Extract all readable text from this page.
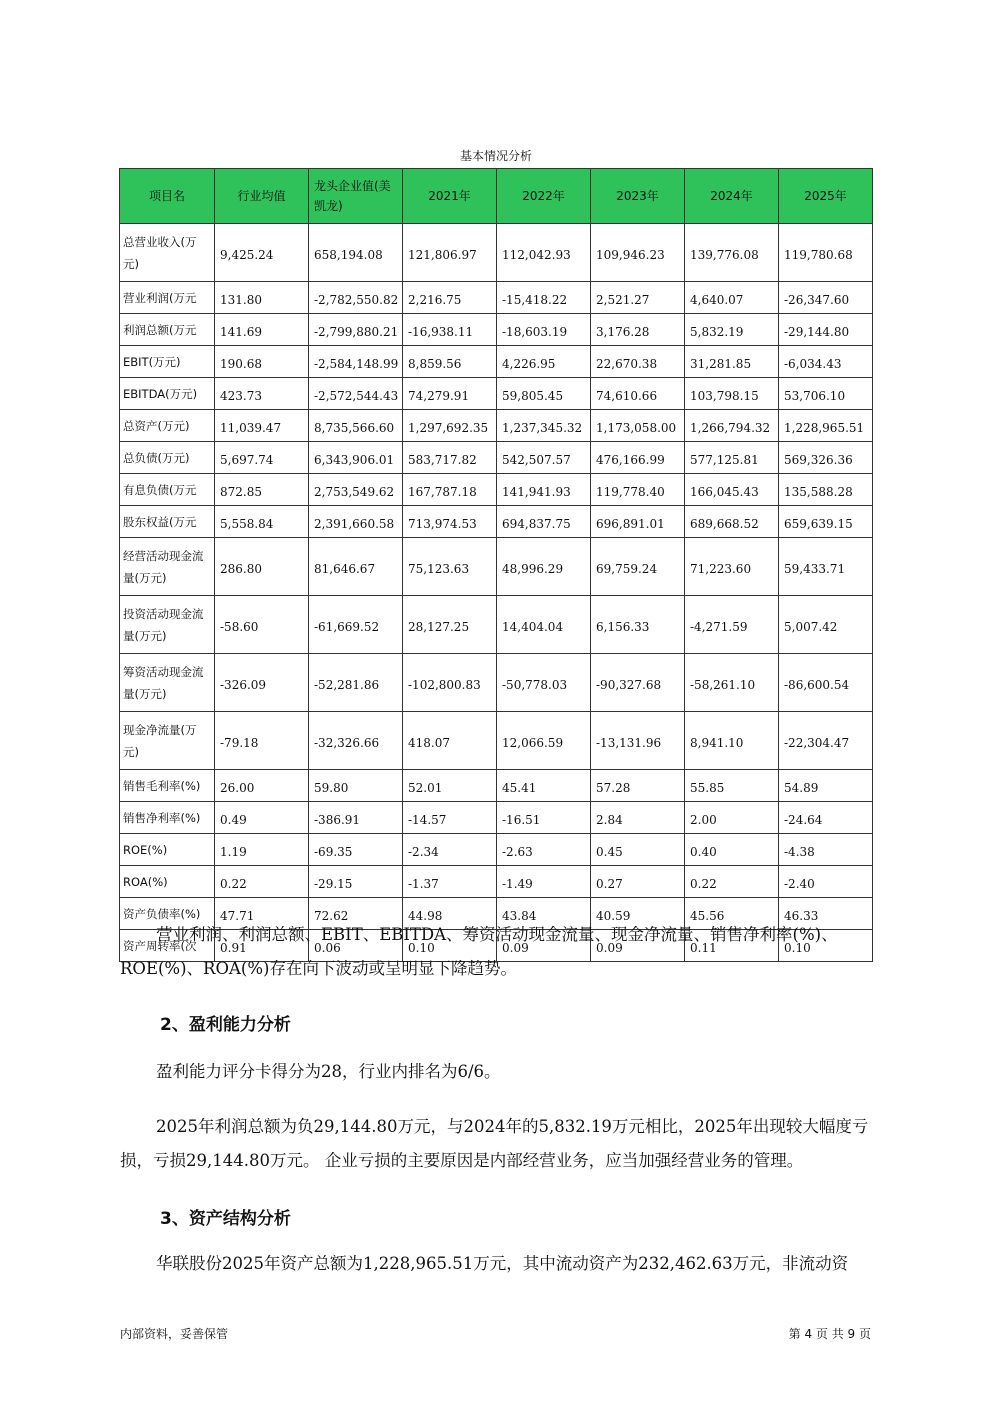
基本情况分析
项目名	行业均值	龙头企业值(美凯龙)	2021年	2022年	2023年	2024年	2025年
总营业收入(万元)	9,425.24	658,194.08	121,806.97	112,042.93	109,946.23	139,776.08	119,780.68
营业利润(万元	131.80	-2,782,550.82	2,216.75	-15,418.22	2,521.27	4,640.07	-26,347.60
利润总额(万元	141.69	-2,799,880.21	-16,938.11	-18,603.19	3,176.28	5,832.19	-29,144.80
EBIT(万元)	190.68	-2,584,148.99	8,859.56	4,226.95	22,670.38	31,281.85	-6,034.43
EBITDA(万元)	423.73	-2,572,544.43	74,279.91	59,805.45	74,610.66	103,798.15	53,706.10
总资产(万元)	11,039.47	8,735,566.60	1,297,692.35	1,237,345.32	1,173,058.00	1,266,794.32	1,228,965.51
总负债(万元)	5,697.74	6,343,906.01	583,717.82	542,507.57	476,166.99	577,125.81	569,326.36
有息负债(万元	872.85	2,753,549.62	167,787.18	141,941.93	119,778.40	166,045.43	135,588.28
股东权益(万元	5,558.84	2,391,660.58	713,974.53	694,837.75	696,891.01	689,668.52	659,639.15
经营活动现金流量(万元)	286.80	81,646.67	75,123.63	48,996.29	69,759.24	71,223.60	59,433.71
投资活动现金流量(万元)	-58.60	-61,669.52	28,127.25	14,404.04	6,156.33	-4,271.59	5,007.42
筹资活动现金流量(万元)	-326.09	-52,281.86	-102,800.83	-50,778.03	-90,327.68	-58,261.10	-86,600.54
现金净流量(万元)	-79.18	-32,326.66	418.07	12,066.59	-13,131.96	8,941.10	-22,304.47
销售毛利率(%)	26.00	59.80	52.01	45.41	57.28	55.85	54.89
销售净利率(%)	0.49	-386.91	-14.57	-16.51	2.84	2.00	-24.64
ROE(%)	1.19	-69.35	-2.34	-2.63	0.45	0.40	-4.38
ROA(%)	0.22	-29.15	-1.37	-1.49	0.27	0.22	-2.40
资产负债率(%)	47.71	72.62	44.98	43.84	40.59	45.56	46.33
资产周转率(次	0.91	0.06	0.10	0.09	0.09	0.11	0.10
营业利润、利润总额、EBIT、EBITDA、筹资活动现金流量、现金净流量、销售净利率(%)、ROE(%)、ROA(%)存在向下波动或呈明显下降趋势。
2、盈利能力分析
盈利能力评分卡得分为28，行业内排名为6/6。
2025年利润总额为负29,144.80万元，与2024年的5,832.19万元相比，2025年出现较大幅度亏损，亏损29,144.80万元。 企业亏损的主要原因是内部经营业务，应当加强经营业务的管理。
3、资产结构分析
华联股份2025年资产总额为1,228,965.51万元，其中流动资产为232,462.63万元，非流动资
内部资料，妥善保管	第 4 页 共 9 页
